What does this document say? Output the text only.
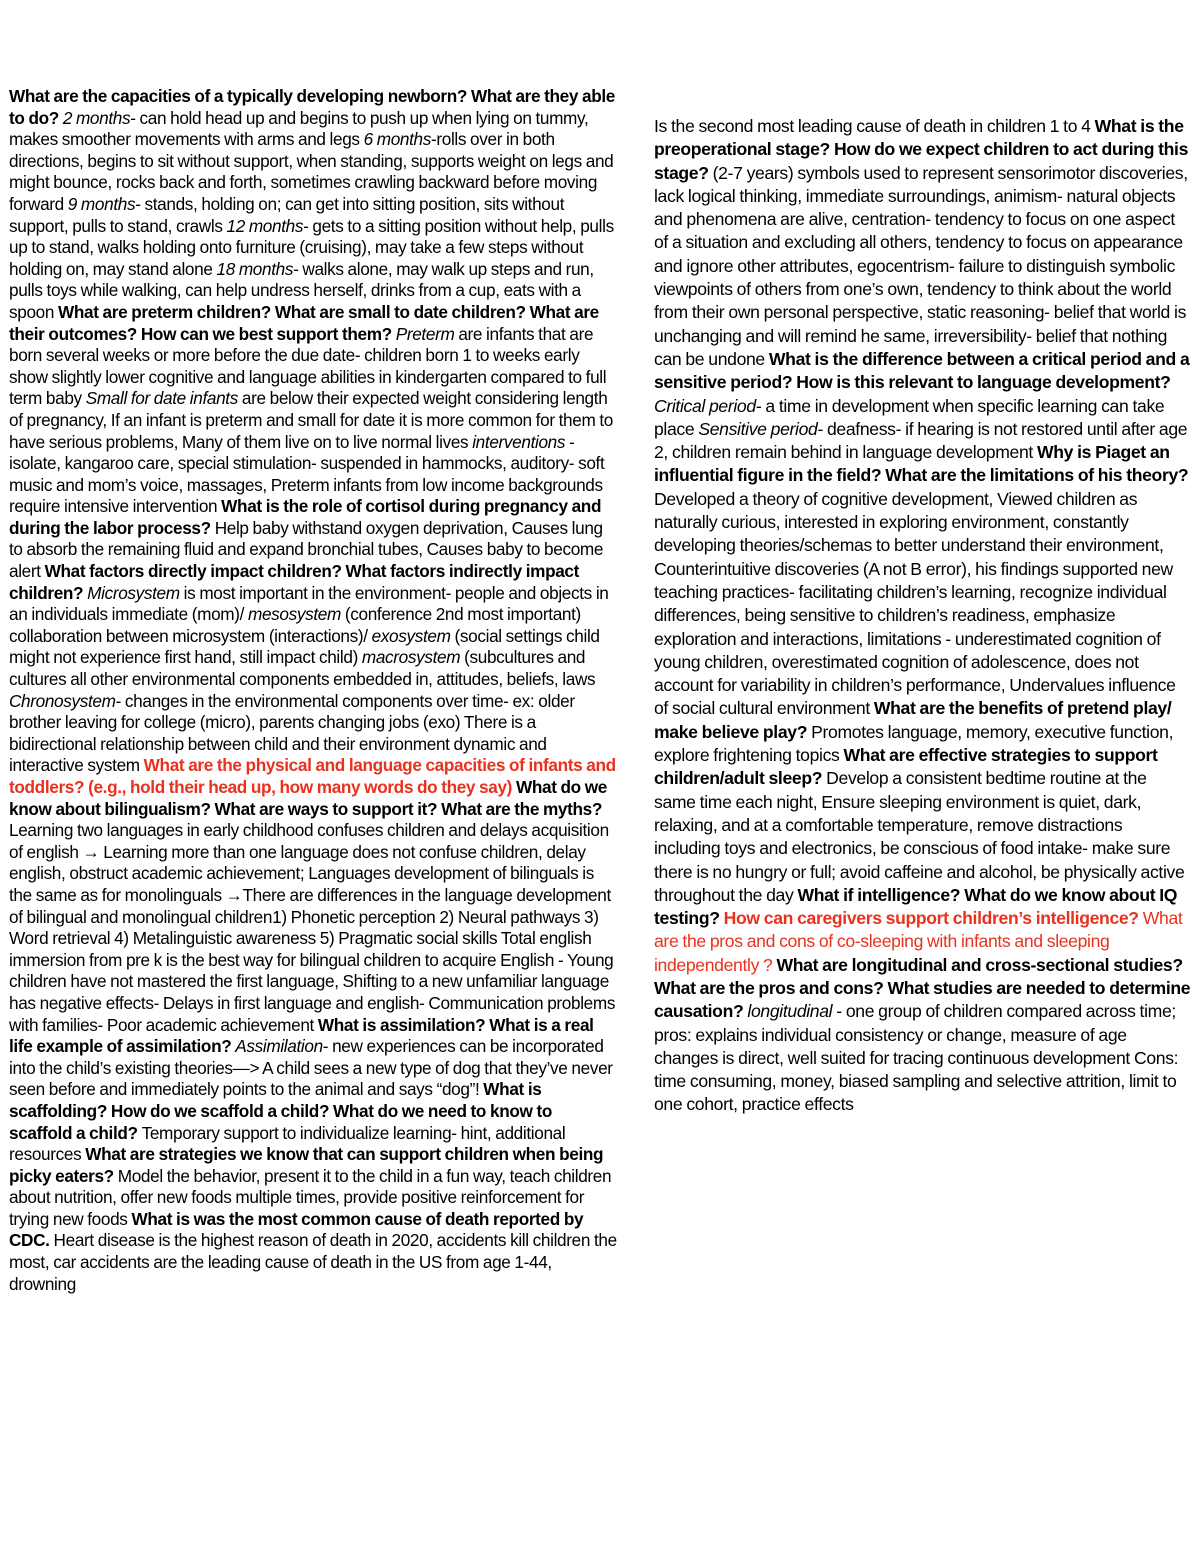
What are the capacities of a typically developing newborn? What are they able to do? 2 months- can hold head up and begins to push up when lying on tummy, makes smoother movements with arms and legs 6 months-rolls over in both directions, begins to sit without support, when standing, supports weight on legs and might bounce, rocks back and forth, sometimes crawling backward before moving forward 9 months- stands, holding on; can get into sitting position, sits without support, pulls to stand, crawls 12 months- gets to a sitting position without help, pulls up to stand, walks holding onto furniture (cruising), may take a few steps without holding on, may stand alone 18 months- walks alone, may walk up steps and run, pulls toys while walking, can help undress herself, drinks from a cup, eats with a spoon What are preterm children? What are small to date children? What are their outcomes? How can we best support them? Preterm are infants that are born several weeks or more before the due date- children born 1 to weeks early show slightly lower cognitive and language abilities in kindergarten compared to full term baby Small for date infants are below their expected weight considering length of pregnancy, If an infant is preterm and small for date it is more common for them to have serious problems, Many of them live on to live normal lives interventions - isolate, kangaroo care, special stimulation- suspended in hammocks, auditory- soft music and mom’s voice, massages, Preterm infants from low income backgrounds require intensive intervention What is the role of cortisol during pregnancy and during the labor process? Help baby withstand oxygen deprivation, Causes lung to absorb the remaining fluid and expand bronchial tubes, Causes baby to become alert What factors directly impact children? What factors indirectly impact children? Microsystem is most important in the environment- people and objects in an individuals immediate (mom)/ mesosystem (conference 2nd most important) collaboration between microsystem (interactions)/ exosystem (social settings child might not experience first hand, still impact child) macrosystem (subcultures and cultures all other environmental components embedded in, attitudes, beliefs, laws Chronosystem- changes in the environmental components over time- ex: older brother leaving for college (micro), parents changing jobs (exo) There is a bidirectional relationship between child and their environment dynamic and interactive system What are the physical and language capacities of infants and toddlers? (e.g., hold their head up, how many words do they say) What do we know about bilingualism? What are ways to support it? What are the myths? Learning two languages in early childhood confuses children and delays acquisition of english → Learning more than one language does not confuse children, delay english, obstruct academic achievement; Languages development of bilinguals is the same as for monolinguals →There are differences in the language development of bilingual and monolingual children1) Phonetic perception 2) Neural pathways 3) Word retrieval 4) Metalinguistic awareness 5) Pragmatic social skills Total english immersion from pre k is the best way for bilingual children to acquire English - Young children have not mastered the first language, Shifting to a new unfamiliar language has negative effects- Delays in first language and english- Communication problems with families- Poor academic achievement What is assimilation? What is a real life example of assimilation? Assimilation- new experiences can be incorporated into the child’s existing theories—> A child sees a new type of dog that they’ve never seen before and immediately points to the animal and says “dog”! What is scaffolding? How do we scaffold a child? What do we need to know to scaffold a child? Temporary support to individualize learning- hint, additional resources What are strategies we know that can support children when being picky eaters? Model the behavior, present it to the child in a fun way, teach children about nutrition, offer new foods multiple times, provide positive reinforcement for trying new foods What is was the most common cause of death reported by CDC. Heart disease is the highest reason of death in 2020, accidents kill children the most, car accidents are the leading cause of death in the US from age 1-44, drowning

Is the second most leading cause of death in children 1 to 4 What is the preoperational stage? How do we expect children to act during this stage? (2-7 years) symbols used to represent sensorimotor discoveries, lack logical thinking, immediate surroundings, animism- natural objects and phenomena are alive, centration- tendency to focus on one aspect of a situation and excluding all others, tendency to focus on appearance and ignore other attributes, egocentrism- failure to distinguish symbolic viewpoints of others from one’s own, tendency to think about the world from their own personal perspective, static reasoning- belief that world is unchanging and will remind he same, irreversibility- belief that nothing can be undone What is the difference between a critical period and a sensitive period? How is this relevant to language development? Critical period- a time in development when specific learning can take place Sensitive period- deafness- if hearing is not restored until after age 2, children remain behind in language development Why is Piaget an influential figure in the field? What are the limitations of his theory? Developed a theory of cognitive development, Viewed children as naturally curious, interested in exploring environment, constantly developing theories/schemas to better understand their environment, Counterintuitive discoveries (A not B error), his findings supported new teaching practices- facilitating children’s learning, recognize individual differences, being sensitive to children’s readiness, emphasize exploration and interactions, limitations - underestimated cognition of young children, overestimated cognition of adolescence, does not account for variability in children’s performance, Undervalues influence of social cultural environment What are the benefits of pretend play/ make believe play? Promotes language, memory, executive function, explore frightening topics What are effective strategies to support children/adult sleep? Develop a consistent bedtime routine at the same time each night, Ensure sleeping environment is quiet, dark, relaxing, and at a comfortable temperature, remove distractions including toys and electronics, be conscious of food intake- make sure there is no hungry or full; avoid caffeine and alcohol, be physically active throughout the day What if intelligence? What do we know about IQ testing? How can caregivers support children’s intelligence? What are the pros and cons of co-sleeping with infants and sleeping independently ? What are longitudinal and cross-sectional studies? What are the pros and cons? What studies are needed to determine causation? longitudinal - one group of children compared across time; pros: explains individual consistency or change, measure of age changes is direct, well suited for tracing continuous development Cons: time consuming, money, biased sampling and selective attrition, limit to one cohort, practice effects
